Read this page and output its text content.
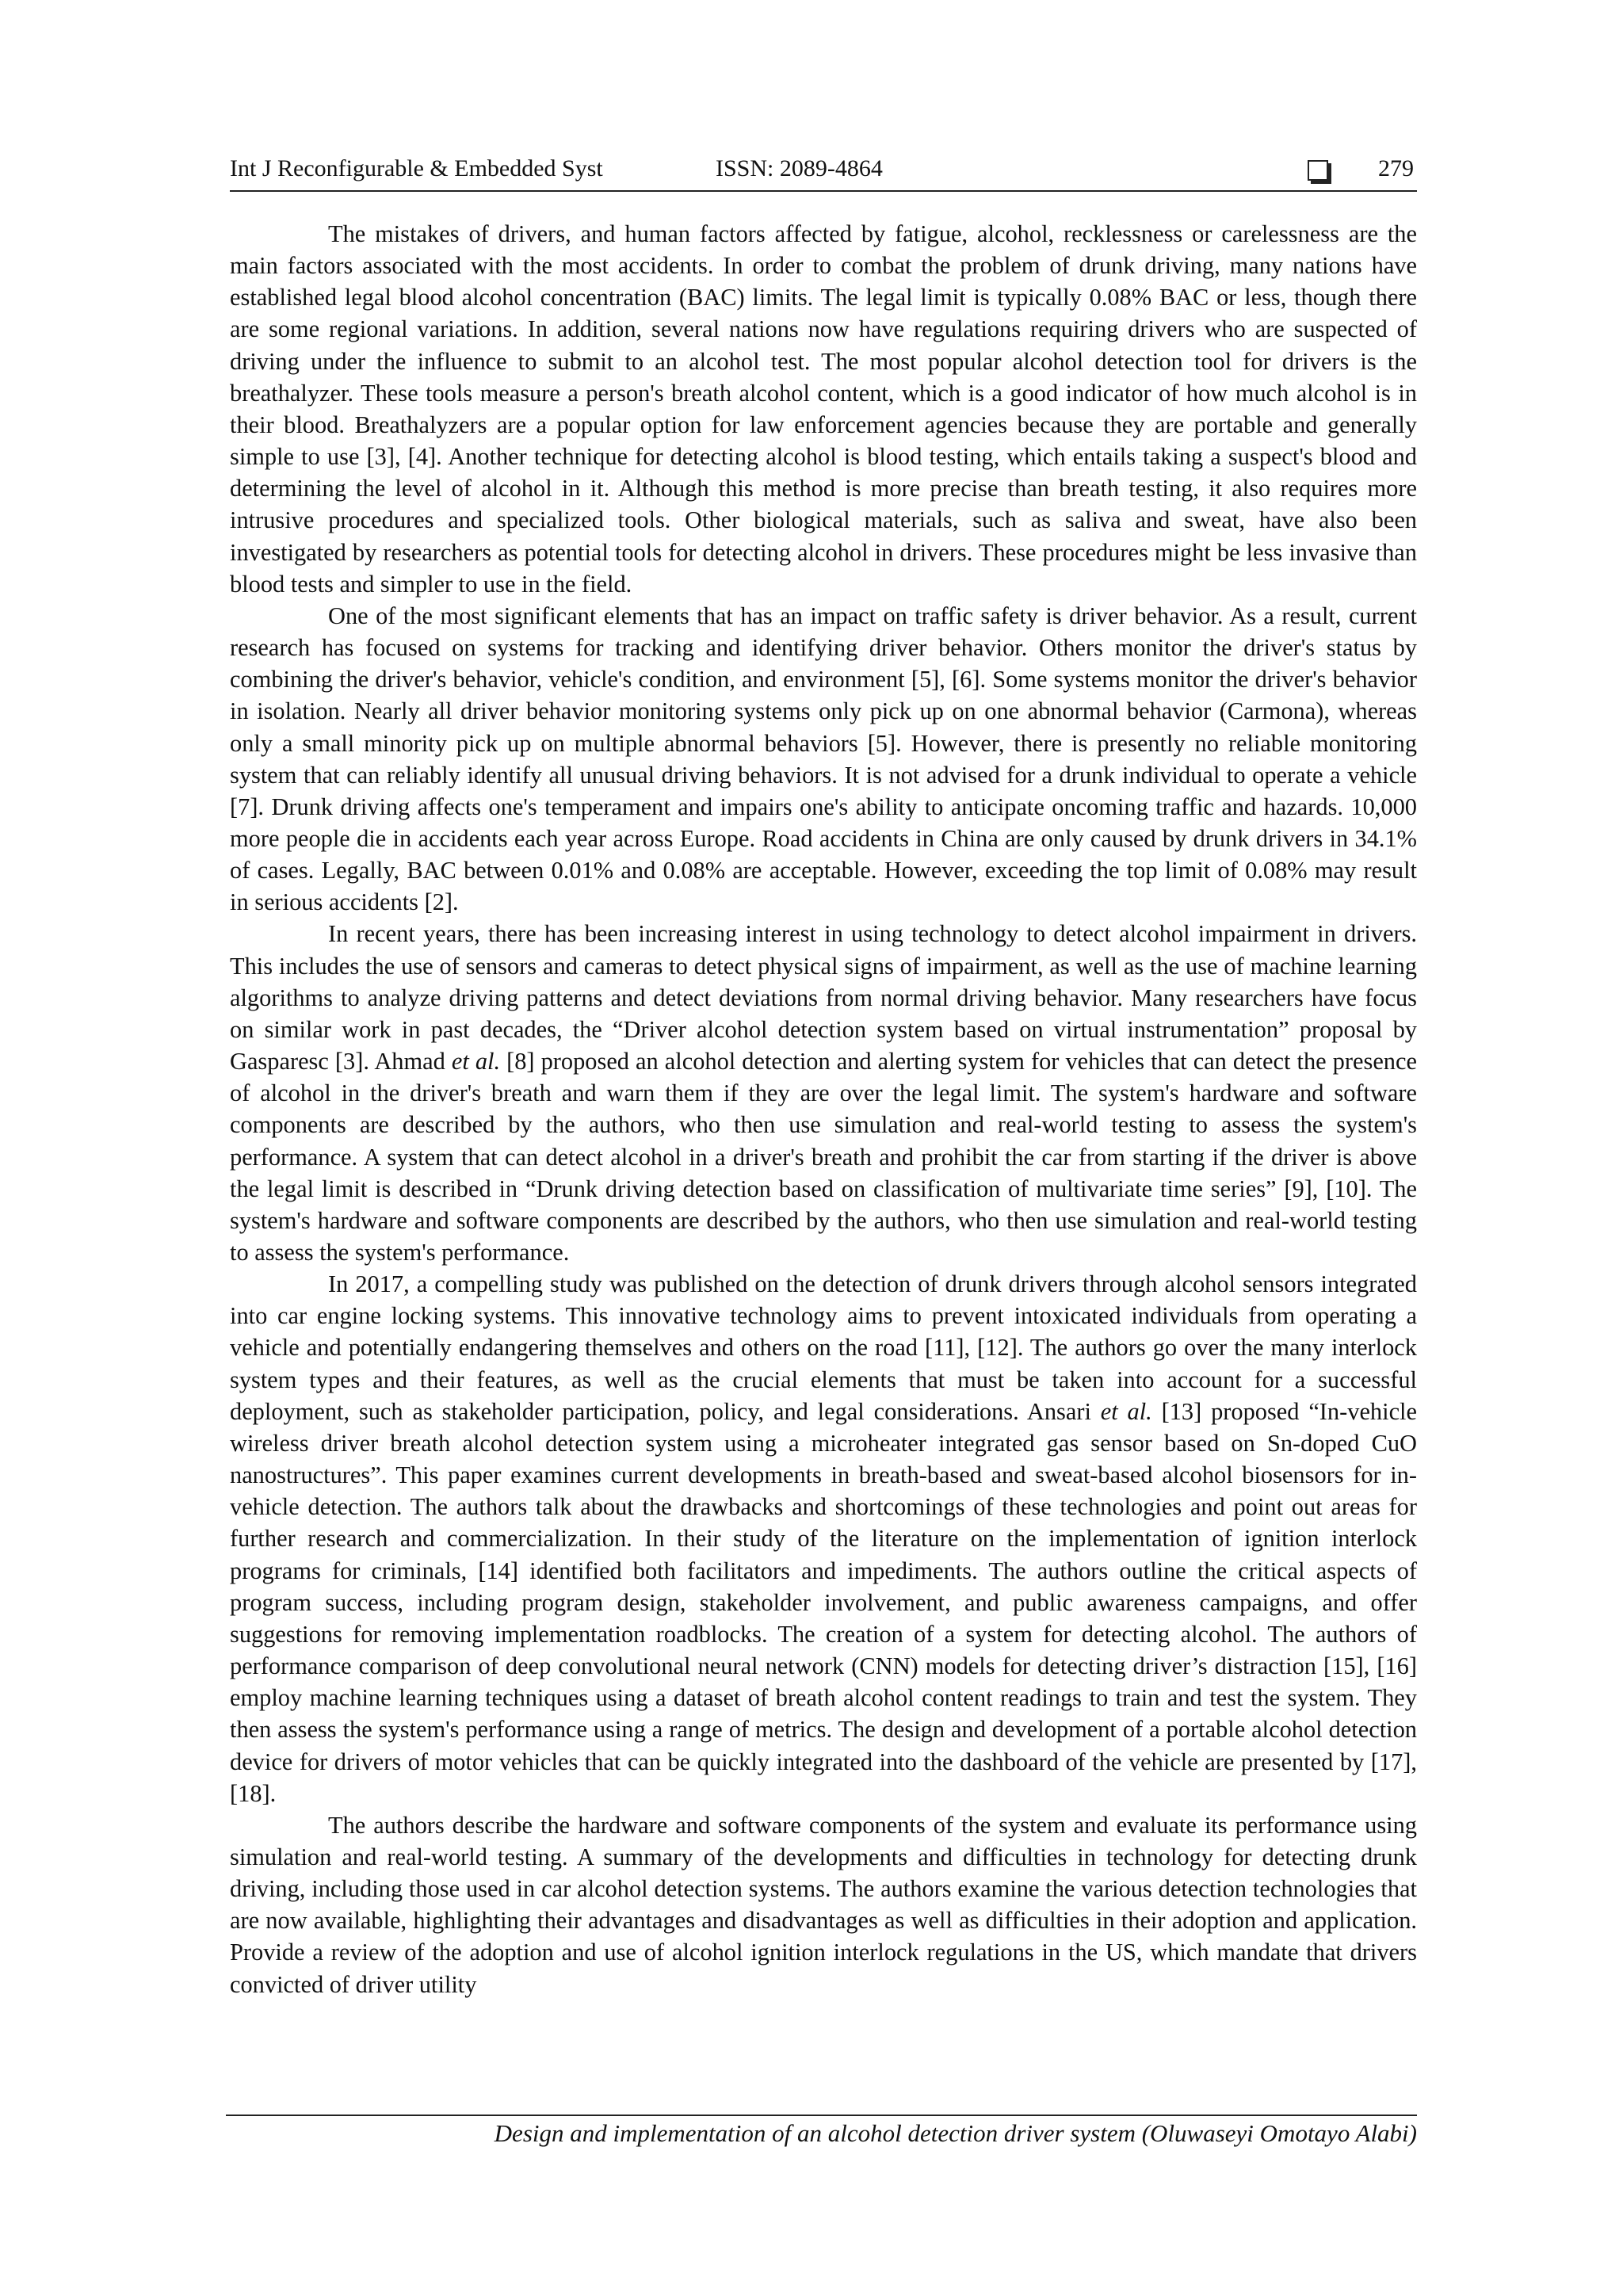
Int J Reconfigurable & Embedded Syst	ISSN: 2089-4864	279

The mistakes of drivers, and human factors affected by fatigue, alcohol, recklessness or carelessness are the main factors associated with the most accidents. In order to combat the problem of drunk driving, many nations have established legal blood alcohol concentration (BAC) limits. The legal limit is typically 0.08% BAC or less, though there are some regional variations. In addition, several nations now have regulations requiring drivers who are suspected of driving under the influence to submit to an alcohol test. The most popular alcohol detection tool for drivers is the breathalyzer. These tools measure a person's breath alcohol content, which is a good indicator of how much alcohol is in their blood. Breathalyzers are a popular option for law enforcement agencies because they are portable and generally simple to use [3], [4]. Another technique for detecting alcohol is blood testing, which entails taking a suspect's blood and determining the level of alcohol in it. Although this method is more precise than breath testing, it also requires more intrusive procedures and specialized tools. Other biological materials, such as saliva and sweat, have also been investigated by researchers as potential tools for detecting alcohol in drivers. These procedures might be less invasive than blood tests and simpler to use in the field.

One of the most significant elements that has an impact on traffic safety is driver behavior. As a result, current research has focused on systems for tracking and identifying driver behavior. Others monitor the driver's status by combining the driver's behavior, vehicle's condition, and environment [5], [6]. Some systems monitor the driver's behavior in isolation. Nearly all driver behavior monitoring systems only pick up on one abnormal behavior (Carmona), whereas only a small minority pick up on multiple abnormal behaviors [5]. However, there is presently no reliable monitoring system that can reliably identify all unusual driving behaviors. It is not advised for a drunk individual to operate a vehicle [7]. Drunk driving affects one's temperament and impairs one's ability to anticipate oncoming traffic and hazards. 10,000 more people die in accidents each year across Europe. Road accidents in China are only caused by drunk drivers in 34.1% of cases. Legally, BAC between 0.01% and 0.08% are acceptable. However, exceeding the top limit of 0.08% may result in serious accidents [2].

In recent years, there has been increasing interest in using technology to detect alcohol impairment in drivers. This includes the use of sensors and cameras to detect physical signs of impairment, as well as the use of machine learning algorithms to analyze driving patterns and detect deviations from normal driving behavior. Many researchers have focus on similar work in past decades, the “Driver alcohol detection system based on virtual instrumentation” proposal by Gasparesc [3]. Ahmad et al. [8] proposed an alcohol detection and alerting system for vehicles that can detect the presence of alcohol in the driver's breath and warn them if they are over the legal limit. The system's hardware and software components are described by the authors, who then use simulation and real-world testing to assess the system's performance. A system that can detect alcohol in a driver's breath and prohibit the car from starting if the driver is above the legal limit is described in “Drunk driving detection based on classification of multivariate time series” [9], [10]. The system's hardware and software components are described by the authors, who then use simulation and real-world testing to assess the system's performance.

In 2017, a compelling study was published on the detection of drunk drivers through alcohol sensors integrated into car engine locking systems. This innovative technology aims to prevent intoxicated individuals from operating a vehicle and potentially endangering themselves and others on the road [11], [12]. The authors go over the many interlock system types and their features, as well as the crucial elements that must be taken into account for a successful deployment, such as stakeholder participation, policy, and legal considerations. Ansari et al. [13] proposed “In-vehicle wireless driver breath alcohol detection system using a microheater integrated gas sensor based on Sn-doped CuO nanostructures”. This paper examines current developments in breath-based and sweat-based alcohol biosensors for in-vehicle detection. The authors talk about the drawbacks and shortcomings of these technologies and point out areas for further research and commercialization. In their study of the literature on the implementation of ignition interlock programs for criminals, [14] identified both facilitators and impediments. The authors outline the critical aspects of program success, including program design, stakeholder involvement, and public awareness campaigns, and offer suggestions for removing implementation roadblocks. The creation of a system for detecting alcohol. The authors of performance comparison of deep convolutional neural network (CNN) models for detecting driver’s distraction [15], [16] employ machine learning techniques using a dataset of breath alcohol content readings to train and test the system. They then assess the system's performance using a range of metrics. The design and development of a portable alcohol detection device for drivers of motor vehicles that can be quickly integrated into the dashboard of the vehicle are presented by [17], [18].

The authors describe the hardware and software components of the system and evaluate its performance using simulation and real-world testing. A summary of the developments and difficulties in technology for detecting drunk driving, including those used in car alcohol detection systems. The authors examine the various detection technologies that are now available, highlighting their advantages and disadvantages as well as difficulties in their adoption and application. Provide a review of the adoption and use of alcohol ignition interlock regulations in the US, which mandate that drivers convicted of driver utility

Design and implementation of an alcohol detection driver system (Oluwaseyi Omotayo Alabi)
